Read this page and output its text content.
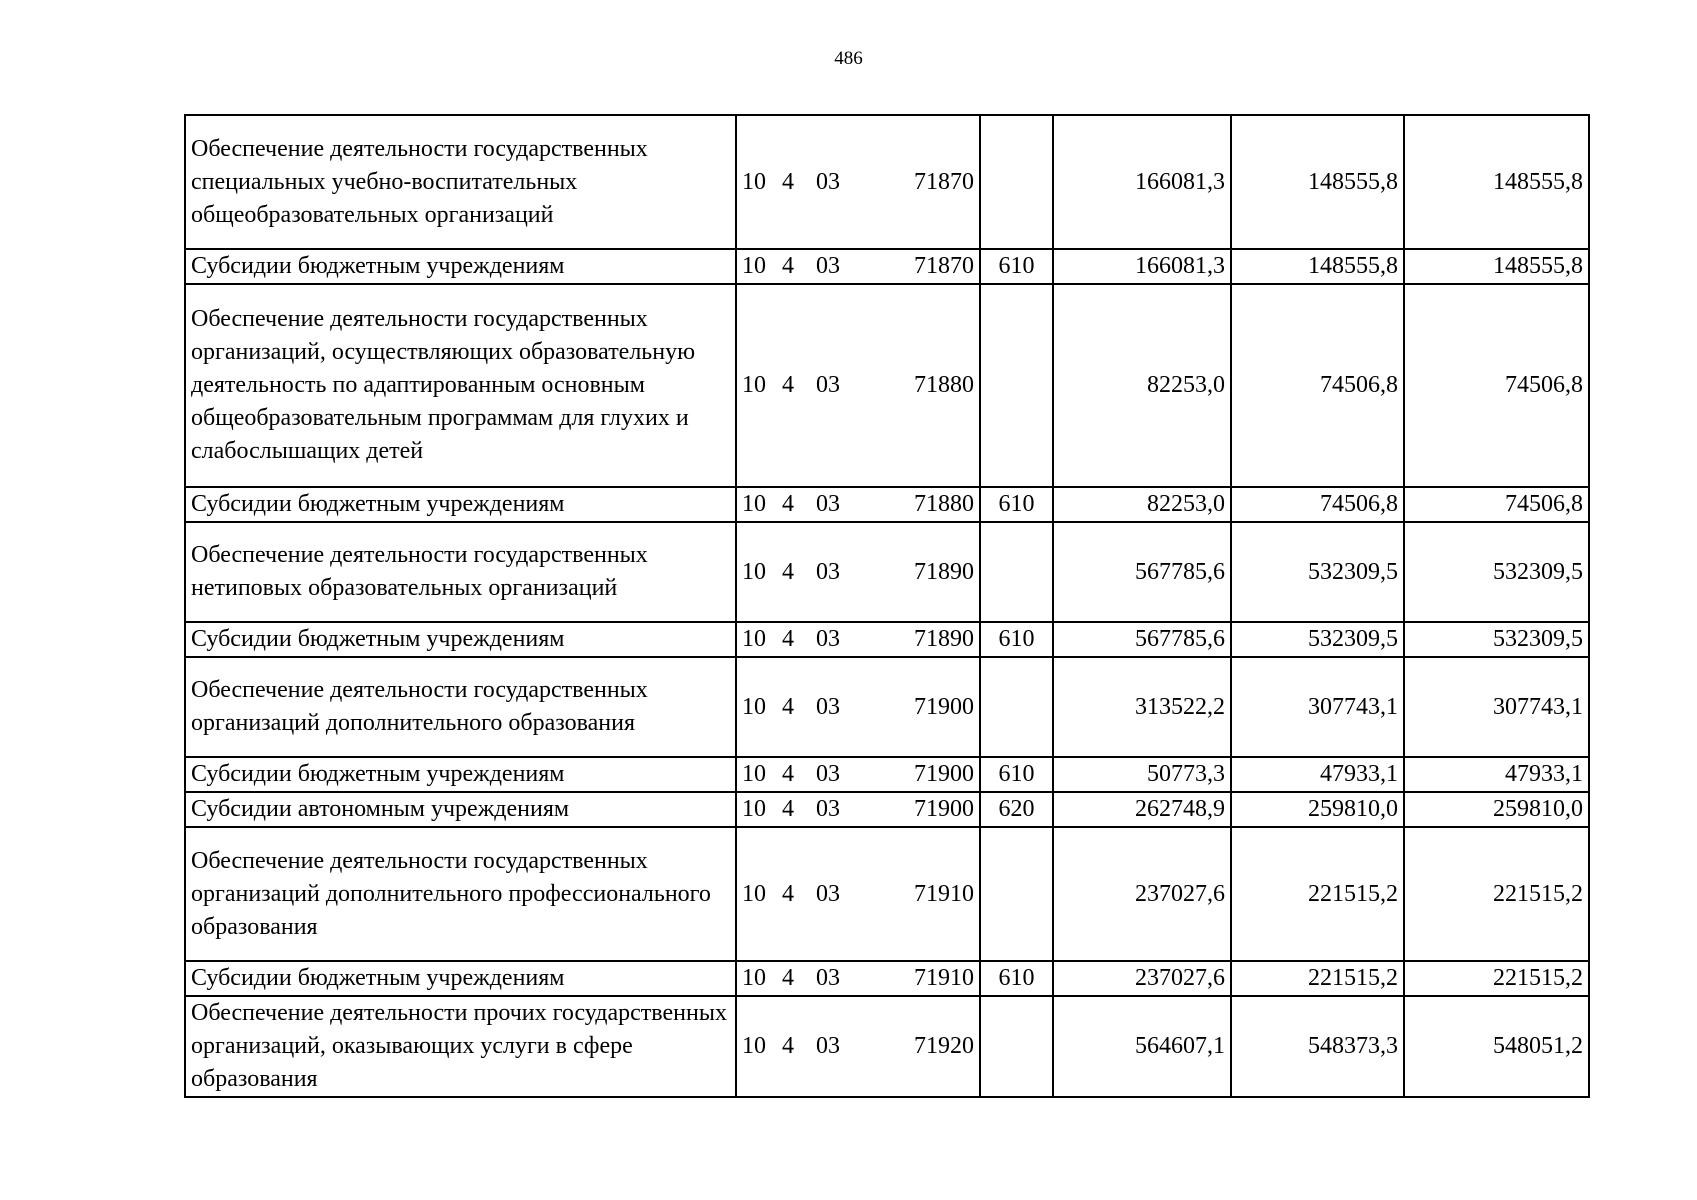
486
Обеспечение деятельности государственных специальных учебно-воспитательных общеобразовательных организаций	10 4 03 71870		166081,3	148555,8	148555,8
Субсидии бюджетным учреждениям	10 4 03 71870	610	166081,3	148555,8	148555,8
Обеспечение деятельности государственных организаций, осуществляющих образовательную деятельность по адаптированным основным общеобразовательным программам для глухих и слабослышащих детей	10 4 03 71880		82253,0	74506,8	74506,8
Субсидии бюджетным учреждениям	10 4 03 71880	610	82253,0	74506,8	74506,8
Обеспечение деятельности государственных нетиповых образовательных организаций	10 4 03 71890		567785,6	532309,5	532309,5
Субсидии бюджетным учреждениям	10 4 03 71890	610	567785,6	532309,5	532309,5
Обеспечение деятельности государственных организаций дополнительного образования	10 4 03 71900		313522,2	307743,1	307743,1
Субсидии бюджетным учреждениям	10 4 03 71900	610	50773,3	47933,1	47933,1
Субсидии автономным учреждениям	10 4 03 71900	620	262748,9	259810,0	259810,0
Обеспечение деятельности государственных организаций дополнительного профессионального образования	10 4 03 71910		237027,6	221515,2	221515,2
Субсидии бюджетным учреждениям	10 4 03 71910	610	237027,6	221515,2	221515,2
Обеспечение деятельности прочих государственных организаций, оказывающих услуги в сфере образования	10 4 03 71920		564607,1	548373,3	548051,2
